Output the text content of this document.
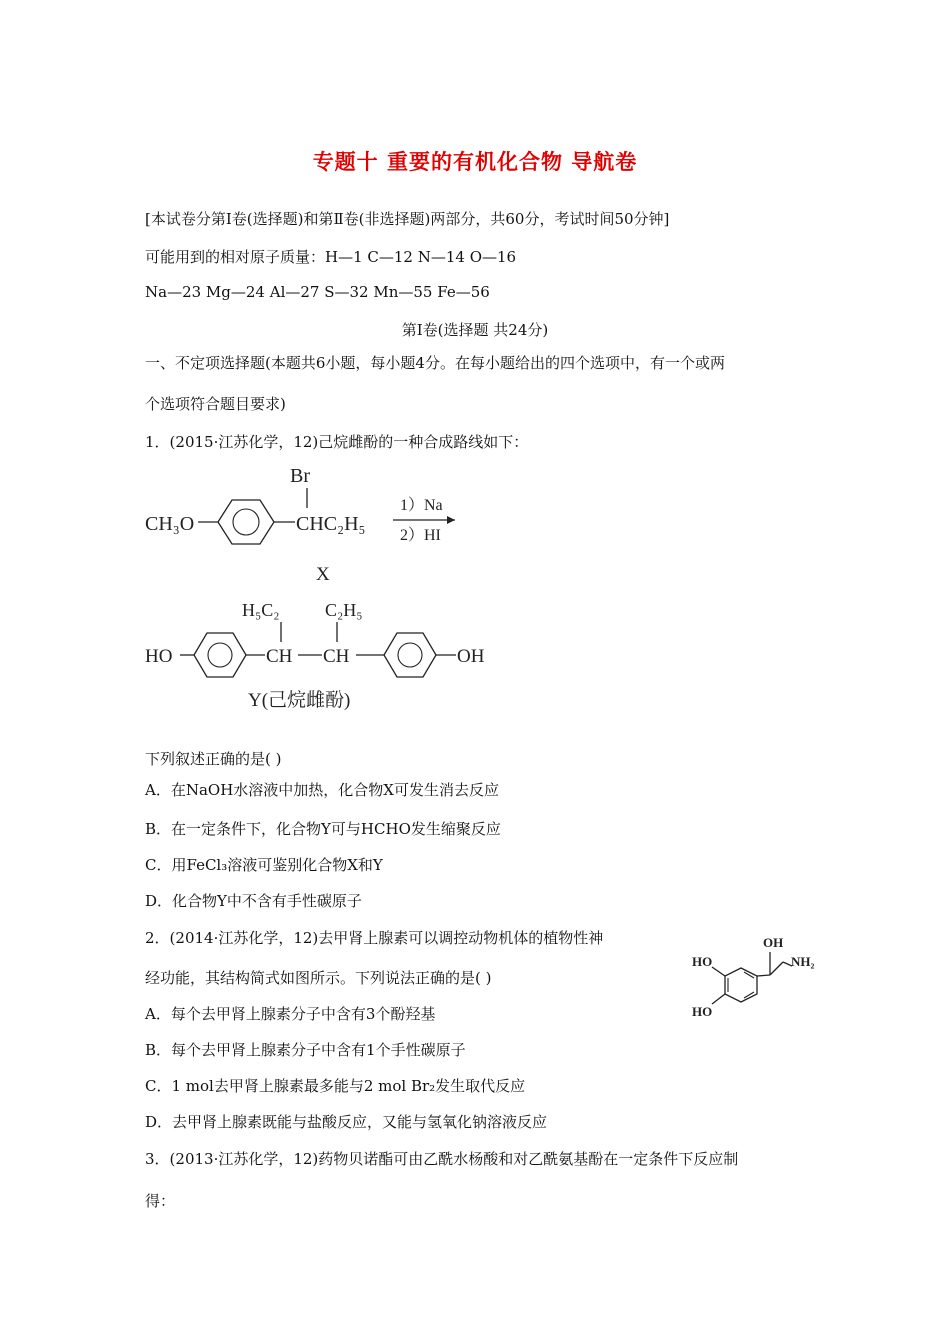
专题十 重要的有机化合物 导航卷
[本试卷分第Ⅰ卷(选择题)和第Ⅱ卷(非选择题)两部分，共60分，考试时间50分钟]
可能用到的相对原子质量：H—1 C—12 N—14 O—16
Na—23 Mg—24 Al—27 S—32 Mn—55 Fe—56
第Ⅰ卷(选择题 共24分)
一、不定项选择题(本题共6小题，每小题4分。在每小题给出的四个选项中，有一个或两
个选项符合题目要求)
1．(2015·江苏化学，12)己烷雌酚的一种合成路线如下：
Br
CH₃O	CHC₂H₅
1）Na
2）HI
X
H₅C₂	C₂H₅
HO	CH CH	OH
Y(己烷雌酚)
OH
NH₂
HO
HO
下列叙述正确的是( )
A．在NaOH水溶液中加热，化合物X可发生消去反应
B．在一定条件下，化合物Y可与HCHO发生缩聚反应
C．用FeCl₃溶液可鉴别化合物X和Y
D．化合物Y中不含有手性碳原子
2．(2014·江苏化学，12)去甲肾上腺素可以调控动物机体的植物性神
经功能，其结构简式如图所示。下列说法正确的是( )
A．每个去甲肾上腺素分子中含有3个酚羟基
B．每个去甲肾上腺素分子中含有1个手性碳原子
C．1 mol去甲肾上腺素最多能与2 mol Br₂发生取代反应
D．去甲肾上腺素既能与盐酸反应，又能与氢氧化钠溶液反应
3．(2013·江苏化学，12)药物贝诺酯可由乙酰水杨酸和对乙酰氨基酚在一定条件下反应制
得：
